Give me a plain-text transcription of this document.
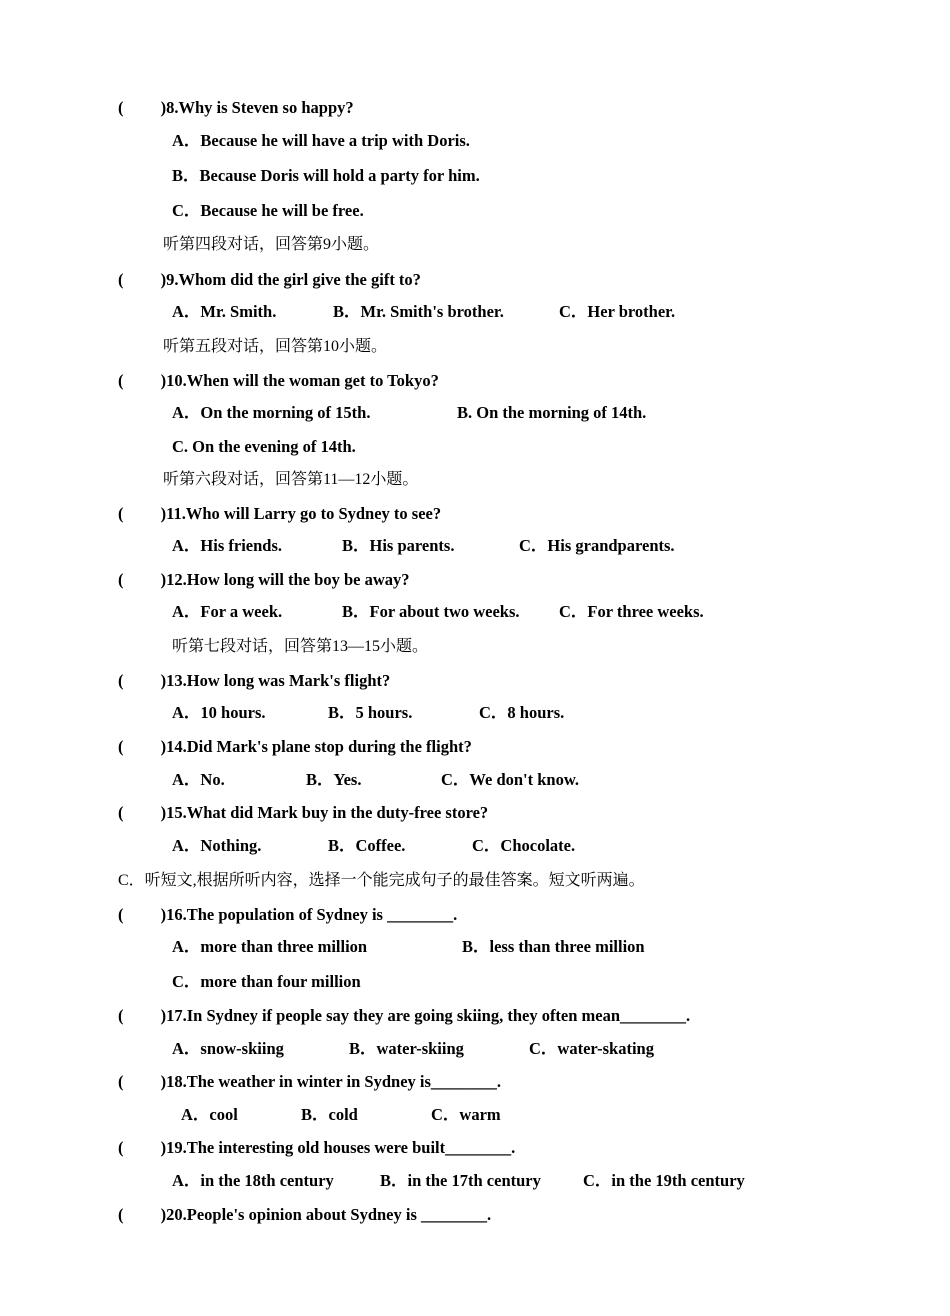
(         )8.Why is Steven so happy?
A．Because he will have a trip with Doris.
B．Because Doris will hold a party for him.
C．Because he will be free.
听第四段对话，回答第9小题。
(         )9.Whom did the girl give the gift to?
A．Mr. Smith.	B．Mr. Smith's brother.	C．Her brother.
听第五段对话，回答第10小题。
(         )10.When will the woman get to Tokyo?
A．On the morning of 15th.	B. On the morning of 14th.
C. On the evening of 14th.
听第六段对话，回答第11—12小题。
(         )11.Who will Larry go to Sydney to see?
A．His friends.	B．His parents.	C．His grandparents.
(         )12.How long will the boy be away?
A．For a week.	B．For about two weeks. C．For three weeks.
听第七段对话，回答第13—15小题。
(         )13.How long was Mark's flight?
A．10 hours.	B．5 hours.	C．8 hours.
(         )14.Did Mark's plane stop during the flight?
A．No.	B．Yes.	C．We don't know.
(         )15.What did Mark buy in the duty-free store?
A．Nothing.	B．Coffee.	C．Chocolate.
C．听短文,根据所听内容，选择一个能完成句子的最佳答案。短文听两遍。
(         )16.The population of Sydney is ________.
A．more than three million	B．less than three million
C．more than four million
(         )17.In Sydney if people say they are going skiing, they often mean________.
A．snow-skiing	B．water-skiing	C．water-skating
(         )18.The weather in winter in Sydney is________.
A．cool	B．cold	C．warm
(         )19.The interesting old houses were built________.
A．in the 18th century	B．in the 17th century	C．in the 19th century
(         )20.People's opinion about Sydney is ________.
